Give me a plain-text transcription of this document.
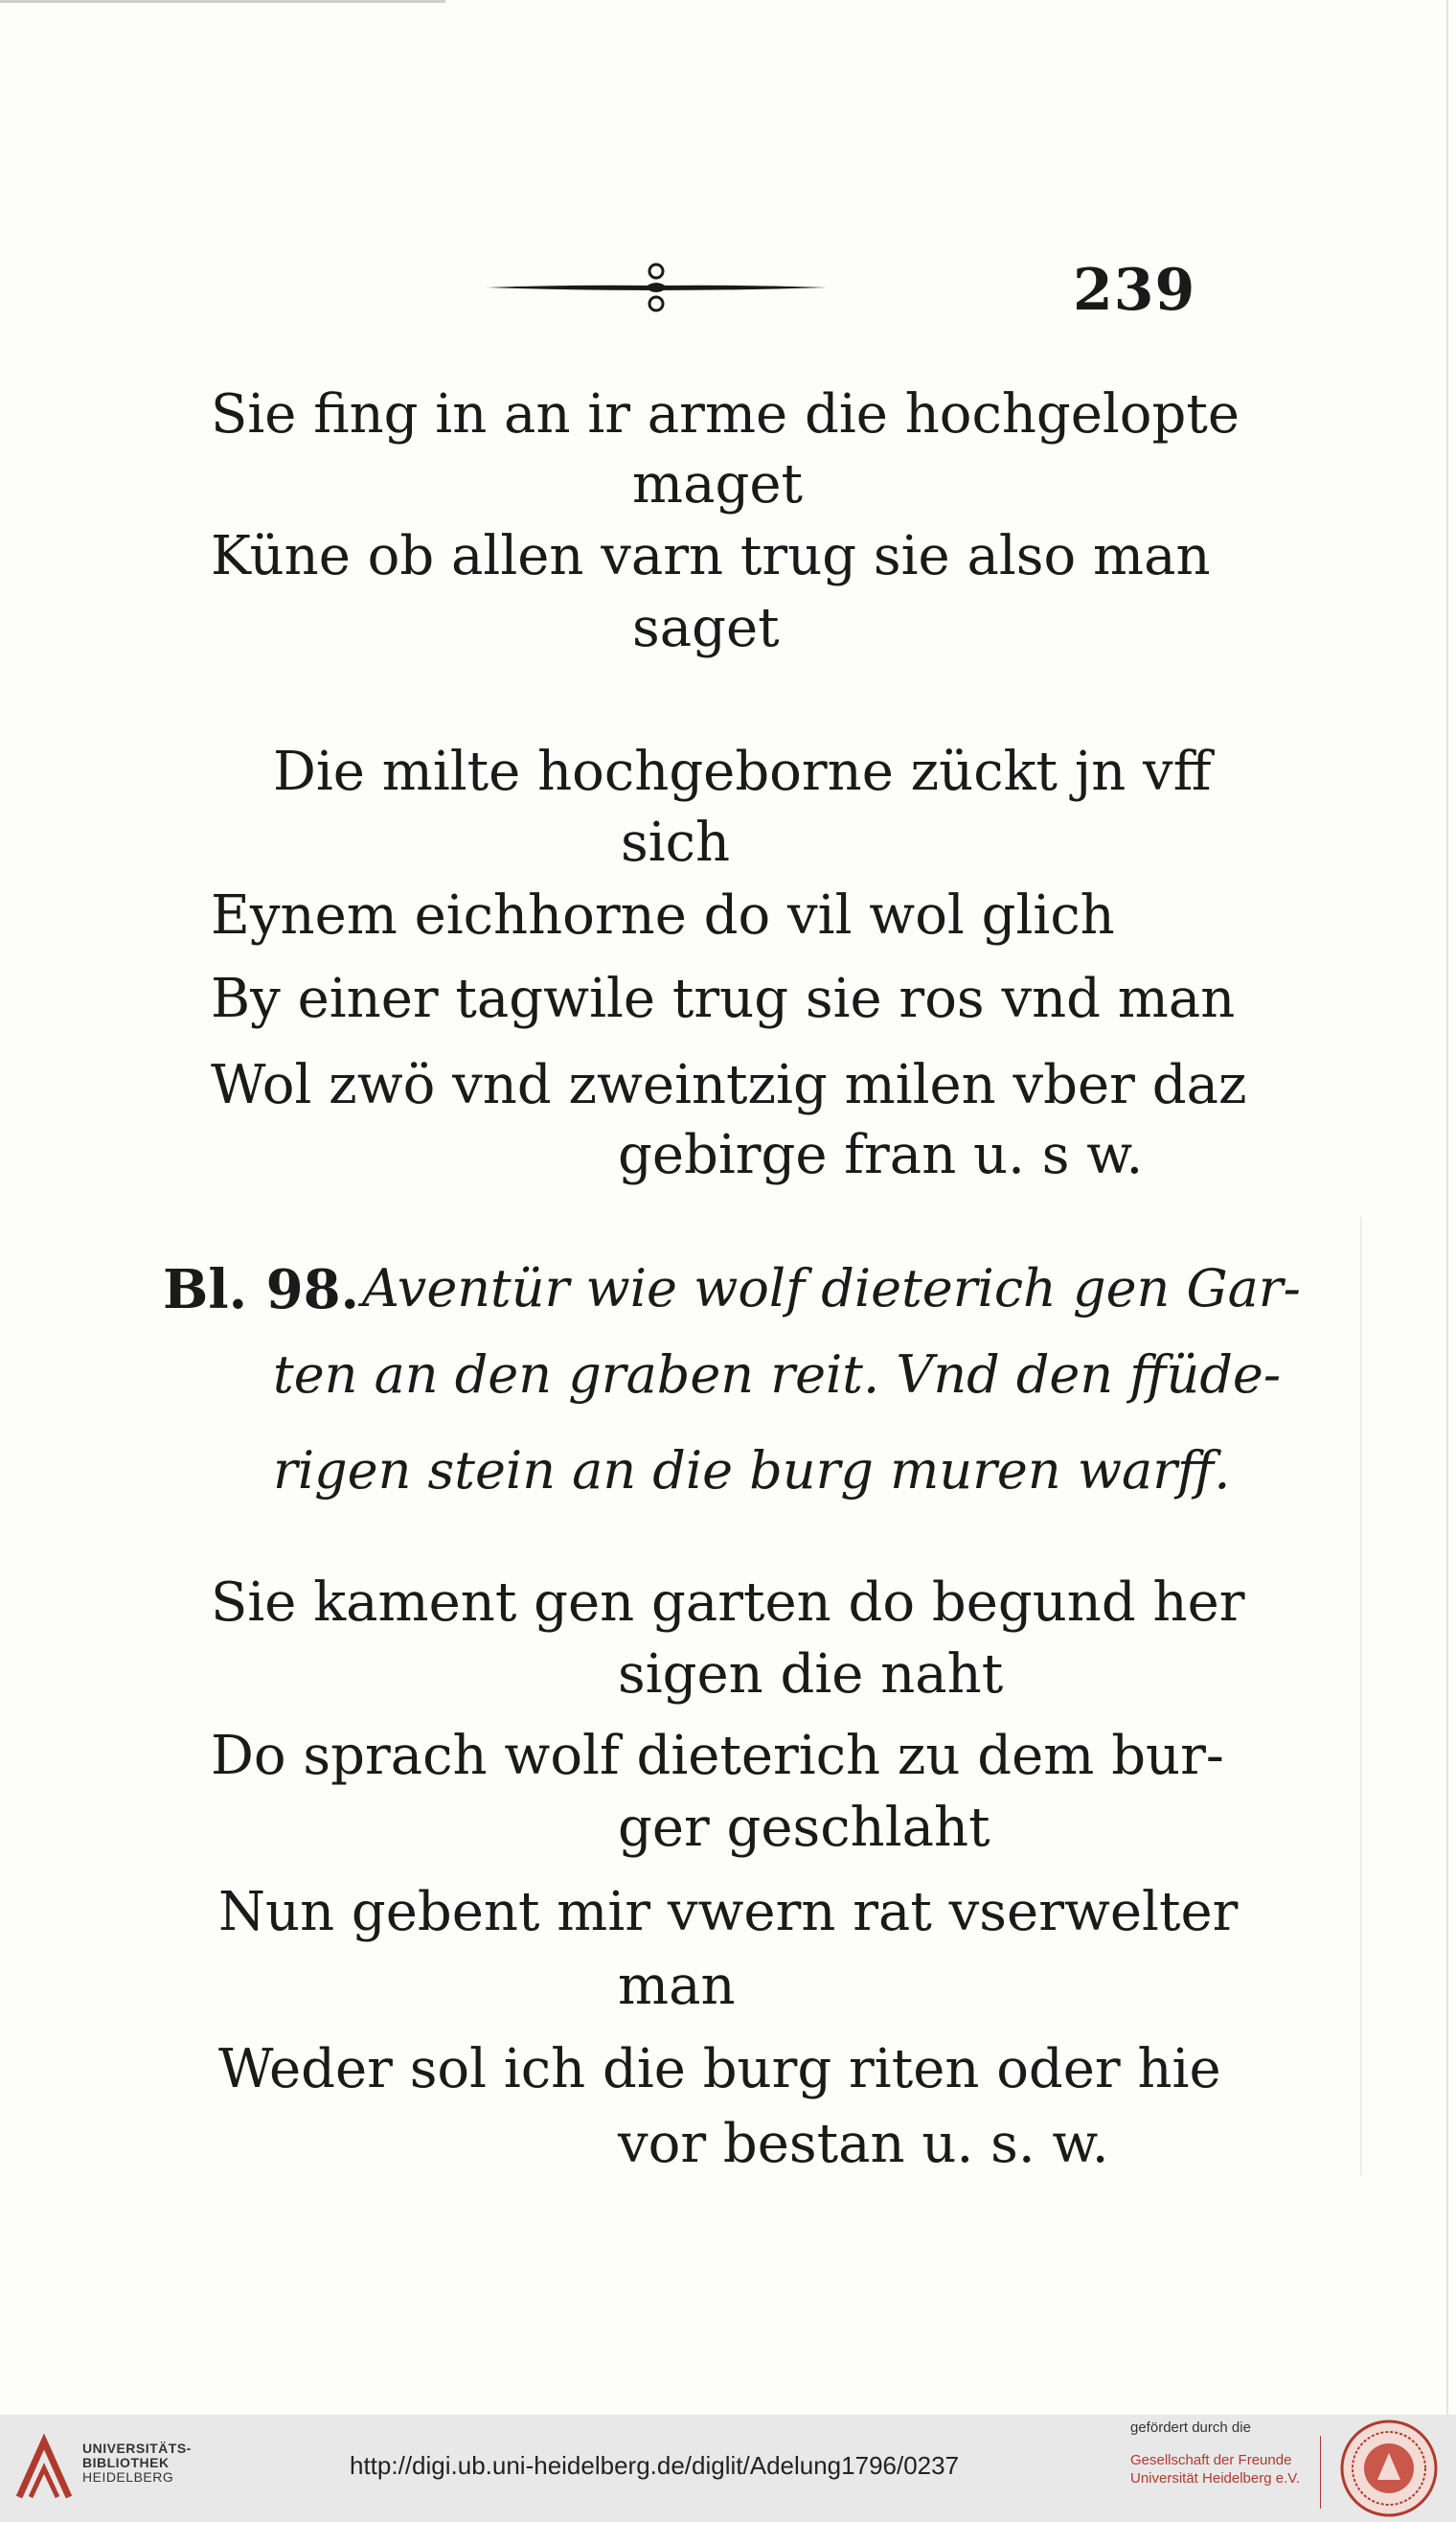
239
Sie fing in an ir arme die hochgelopte
maget
Küne ob allen varn trug sie also man
saget
Die milte hochgeborne zückt jn vff
sich
Eynem eichhorne do vil wol glich
By einer tagwile trug sie ros vnd man
Wol zwö vnd zweintzig milen vber daz
gebirge fran u. s w.
Bl. 98. Aventür wie wolf dieterich gen Gar-
ten an den graben reit. Vnd den ffüde-
rigen stein an die burg muren warff.
Sie kament gen garten do begund her
sigen die naht
Do sprach wolf dieterich zu dem bur-
ger geschlaht
Nun gebent mir vwern rat vserwelter
man
Weder sol ich die burg riten oder hie
vor bestan u. s. w.
UNIVERSITÄTS-
BIBLIOTHEK
HEIDELBERG	http://digi.ub.uni-heidelberg.de/diglit/Adelung1796/0237
gefördert durch die
Gesellschaft der Freunde
Universität Heidelberg e.V.
